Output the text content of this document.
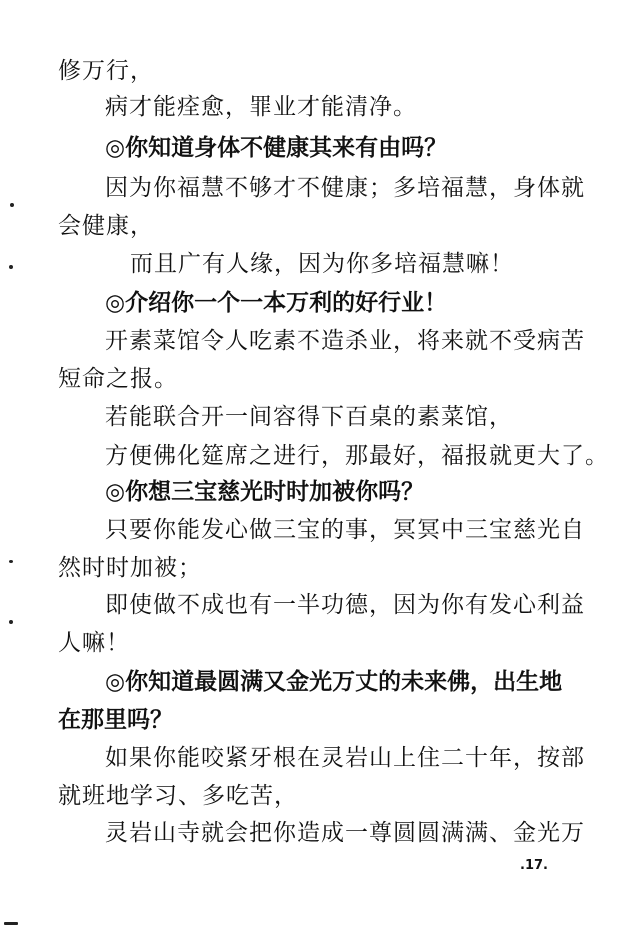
修万行，
病才能痊愈，罪业才能清净。
◎你知道身体不健康其来有由吗？
因为你福慧不够才不健康；多培福慧，身体就
会健康，
而且广有人缘，因为你多培福慧嘛！
◎介绍你一个一本万利的好行业！
开素菜馆令人吃素不造杀业，将来就不受病苦
短命之报。
若能联合开一间容得下百桌的素菜馆，
方便佛化筵席之进行，那最好，福报就更大了。
◎你想三宝慈光时时加被你吗？
只要你能发心做三宝的事，冥冥中三宝慈光自
然时时加被；
即使做不成也有一半功德，因为你有发心利益
人嘛！
◎你知道最圆满又金光万丈的未来佛，出生地
在那里吗？
如果你能咬紧牙根在灵岩山上住二十年，按部
就班地学习、多吃苦，
灵岩山寺就会把你造成一尊圆圆满满、金光万
.17.
